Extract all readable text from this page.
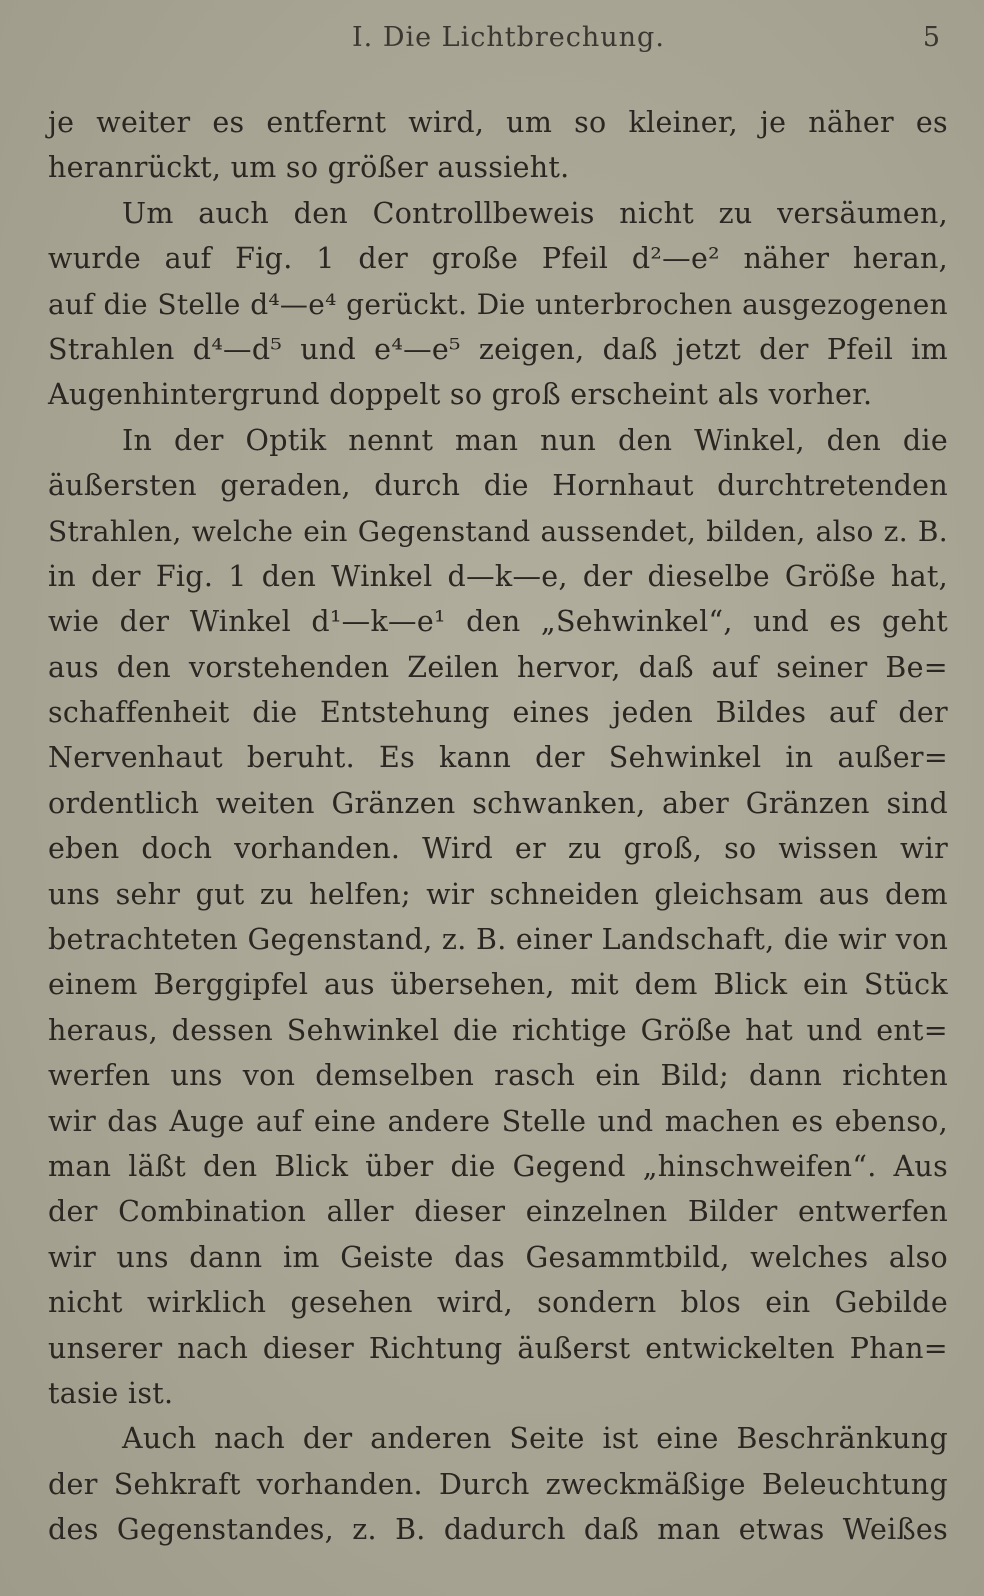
I. Die Lichtbrechung.	5
je weiter es entfernt wird, um so kleiner, je näher es
heranrückt, um so größer aussieht.
Um auch den Controllbeweis nicht zu versäumen,
wurde auf Fig. 1 der große Pfeil d²—e² näher heran,
auf die Stelle d⁴—e⁴ gerückt. Die unterbrochen ausgezogenen
Strahlen d⁴—d⁵ und e⁴—e⁵ zeigen, daß jetzt der Pfeil im
Augenhintergrund doppelt so groß erscheint als vorher.
In der Optik nennt man nun den Winkel, den die
äußersten geraden, durch die Hornhaut durchtretenden
Strahlen, welche ein Gegenstand aussendet, bilden, also z. B.
in der Fig. 1 den Winkel d—k—e, der dieselbe Größe hat,
wie der Winkel d¹—k—e¹ den „Sehwinkel“, und es geht
aus den vorstehenden Zeilen hervor, daß auf seiner Be=
schaffenheit die Entstehung eines jeden Bildes auf der
Nervenhaut beruht. Es kann der Sehwinkel in außer=
ordentlich weiten Gränzen schwanken, aber Gränzen sind
eben doch vorhanden. Wird er zu groß, so wissen wir
uns sehr gut zu helfen; wir schneiden gleichsam aus dem
betrachteten Gegenstand, z. B. einer Landschaft, die wir von
einem Berggipfel aus übersehen, mit dem Blick ein Stück
heraus, dessen Sehwinkel die richtige Größe hat und ent=
werfen uns von demselben rasch ein Bild; dann richten
wir das Auge auf eine andere Stelle und machen es ebenso,
man läßt den Blick über die Gegend „hinschweifen“. Aus
der Combination aller dieser einzelnen Bilder entwerfen
wir uns dann im Geiste das Gesammtbild, welches also
nicht wirklich gesehen wird, sondern blos ein Gebilde
unserer nach dieser Richtung äußerst entwickelten Phan=
tasie ist.
Auch nach der anderen Seite ist eine Beschränkung
der Sehkraft vorhanden. Durch zweckmäßige Beleuchtung
des Gegenstandes, z. B. dadurch daß man etwas Weißes
